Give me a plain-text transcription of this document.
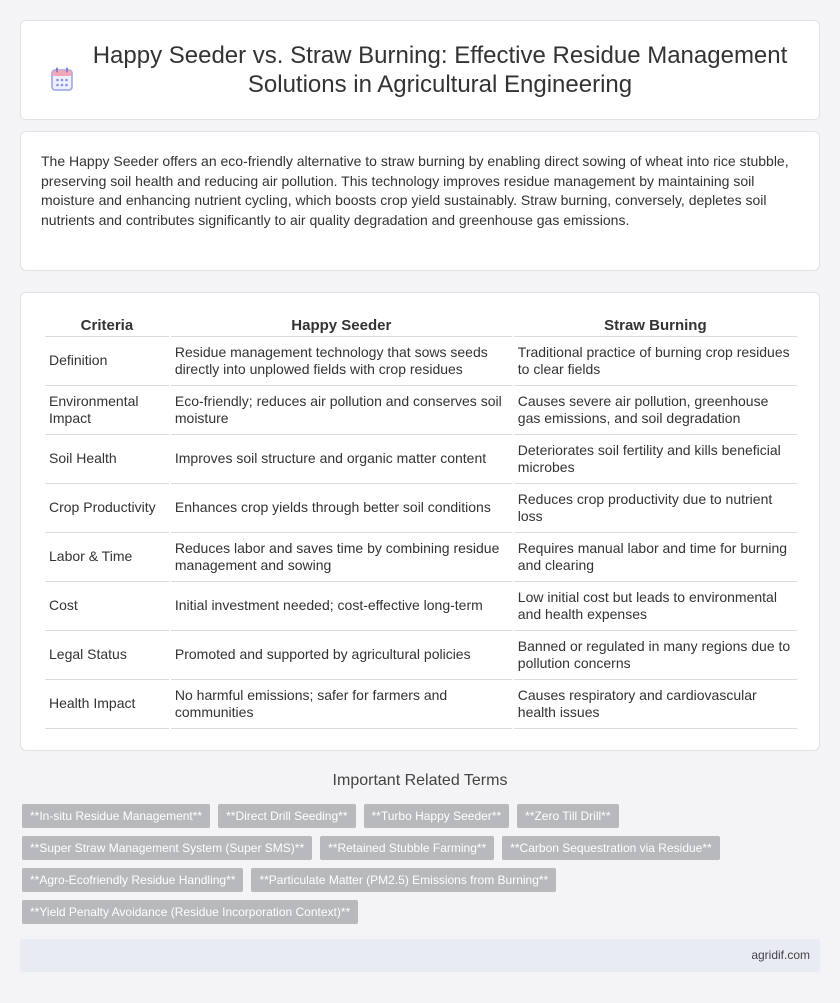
Happy Seeder vs. Straw Burning: Effective Residue Management Solutions in Agricultural Engineering

The Happy Seeder offers an eco-friendly alternative to straw burning by enabling direct sowing of wheat into rice stubble, preserving soil health and reducing air pollution. This technology improves residue management by maintaining soil moisture and enhancing nutrient cycling, which boosts crop yield sustainably. Straw burning, conversely, depletes soil nutrients and contributes significantly to air quality degradation and greenhouse gas emissions.

Criteria	Happy Seeder	Straw Burning
Definition	Residue management technology that sows seeds directly into unplowed fields with crop residues	Traditional practice of burning crop residues to clear fields
Environmental Impact	Eco-friendly; reduces air pollution and conserves soil moisture	Causes severe air pollution, greenhouse gas emissions, and soil degradation
Soil Health	Improves soil structure and organic matter content	Deteriorates soil fertility and kills beneficial microbes
Crop Productivity	Enhances crop yields through better soil conditions	Reduces crop productivity due to nutrient loss
Labor & Time	Reduces labor and saves time by combining residue management and sowing	Requires manual labor and time for burning and clearing
Cost	Initial investment needed; cost-effective long-term	Low initial cost but leads to environmental and health expenses
Legal Status	Promoted and supported by agricultural policies	Banned or regulated in many regions due to pollution concerns
Health Impact	No harmful emissions; safer for farmers and communities	Causes respiratory and cardiovascular health issues
Important Related Terms
**In-situ Residue Management**	**Direct Drill Seeding**	**Turbo Happy Seeder**	**Zero Till Drill**
**Super Straw Management System (Super SMS)**	**Retained Stubble Farming**	**Carbon Sequestration via Residue**
**Agro-Ecofriendly Residue Handling**	**Particulate Matter (PM2.5) Emissions from Burning**
**Yield Penalty Avoidance (Residue Incorporation Context)**
agridif.com
